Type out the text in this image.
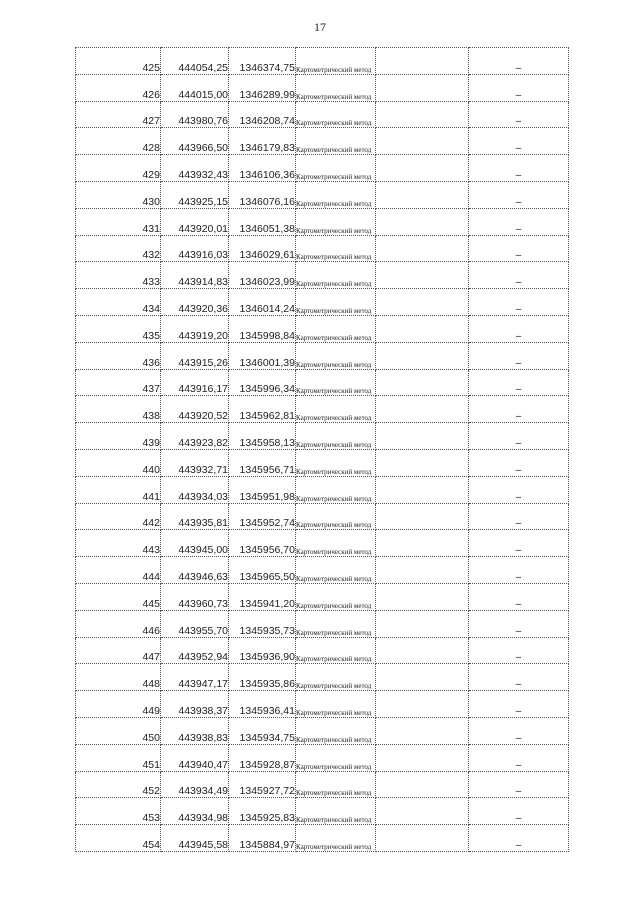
17
425	444054,25	1346374,75	Картометрический метод		–
426	444015,00	1346289,99	Картометрический метод		–
427	443980,76	1346208,74	Картометрический метод		–
428	443966,50	1346179,83	Картометрический метод		–
429	443932,43	1346106,36	Картометрический метод		–
430	443925,15	1346076,16	Картометрический метод		–
431	443920,01	1346051,38	Картометрический метод		–
432	443916,03	1346029,61	Картометрический метод		–
433	443914,83	1346023,99	Картометрический метод		–
434	443920,36	1346014,24	Картометрический метод		–
435	443919,20	1345998,84	Картометрический метод		–
436	443915,26	1346001,39	Картометрический метод		–
437	443916,17	1345996,34	Картометрический метод		–
438	443920,52	1345962,81	Картометрический метод		–
439	443923,82	1345958,13	Картометрический метод		–
440	443932,71	1345956,71	Картометрический метод		–
441	443934,03	1345951,98	Картометрический метод		–
442	443935,81	1345952,74	Картометрический метод		–
443	443945,00	1345956,70	Картометрический метод		–
444	443946,63	1345965,50	Картометрический метод		–
445	443960,73	1345941,20	Картометрический метод		–
446	443955,70	1345935,73	Картометрический метод		–
447	443952,94	1345936,90	Картометрический метод		–
448	443947,17	1345935,86	Картометрический метод		–
449	443938,37	1345936,41	Картометрический метод		–
450	443938,83	1345934,75	Картометрический метод		–
451	443940,47	1345928,87	Картометрический метод		–
452	443934,49	1345927,72	Картометрический метод		–
453	443934,98	1345925,83	Картометрический метод		–
454	443945,58	1345884,97	Картометрический метод		–
